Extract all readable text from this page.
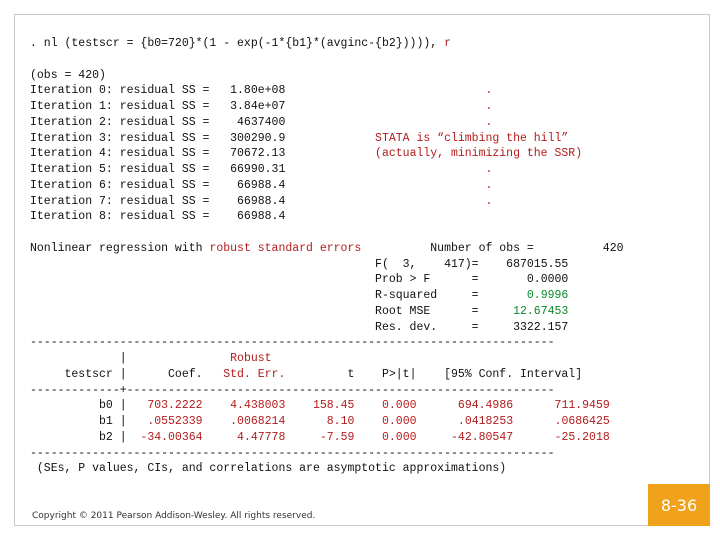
. nl (testscr = {b0=720}*(1 - exp(-1*{b1}*(avginc-{b2})))), r
(obs = 420)
Iteration 0: residual SS =   1.80e+08                             .
Iteration 1: residual SS =   3.84e+07                             .
Iteration 2: residual SS =    4637400                             .
Iteration 3: residual SS =   300290.9             STATA is “climbing the hill”
Iteration 4: residual SS =   70672.13             (actually, minimizing the SSR)
Iteration 5: residual SS =   66990.31                             .
Iteration 6: residual SS =    66988.4                             .
Iteration 7: residual SS =    66988.4                             .
Iteration 8: residual SS =    66988.4
Nonlinear regression with robust standard errors          Number of obs =          420
F(  3,    417)=    687015.55
Prob > F      =       0.0000
R-squared     =       0.9996
Root MSE      =     12.67453
Res. dev.     =     3322.157
----------------------------------------------------------------------------
|               Robust
testscr |      Coef.   Std. Err.         t    P>|t|    [95% Conf. Interval]
-------------+--------------------------------------------------------------
b0 |   703.2222    4.438003    158.45    0.000      694.4986      711.9459
b1 |   .0552339    .0068214      8.10    0.000      .0418253      .0686425
b2 |  -34.00364     4.47778     -7.59    0.000     -42.80547      -25.2018
----------------------------------------------------------------------------
(SEs, P values, CIs, and correlations are asymptotic approximations)
Copyright © 2011 Pearson Addison-Wesley. All rights reserved.
8-36
